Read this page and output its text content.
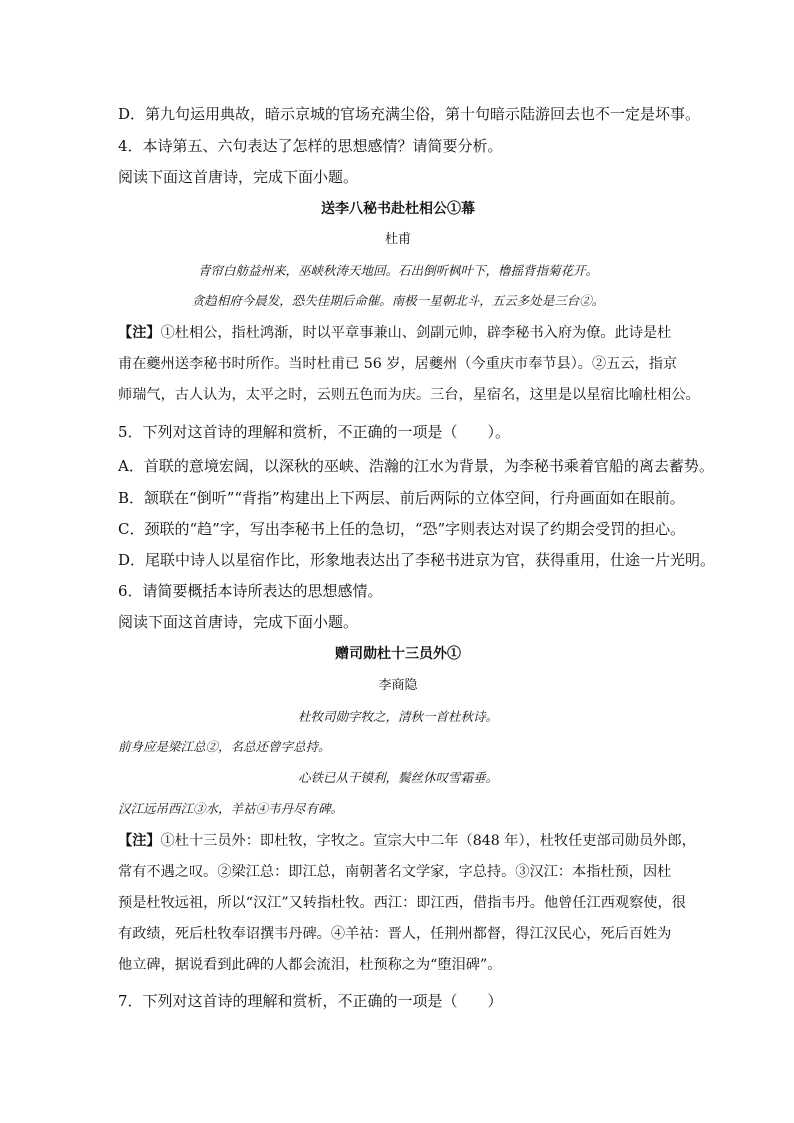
D．第九句运用典故，暗示京城的官场充满尘俗，第十句暗示陆游回去也不一定是坏事。
4．本诗第五、六句表达了怎样的思想感情？请简要分析。
阅读下面这首唐诗，完成下面小题。
送李八秘书赴杜相公①幕
杜甫
青帘白舫益州来，巫峡秋涛天地回。石出倒听枫叶下，橹摇背指菊花开。
贪趋相府今晨发，恐失佳期后命催。南极一星朝北斗，五云多处是三台②。
【注】①杜相公，指杜鸿渐，时以平章事兼山、剑副元帅，辟李秘书入府为僚。此诗是杜
甫在夔州送李秘书时所作。当时杜甫已 56 岁，居夔州（今重庆市奉节县）。②五云，指京
师瑞气，古人认为，太平之时，云则五色而为庆。三台，星宿名，这里是以星宿比喻杜相公。
5．下列对这首诗的理解和赏析，不正确的一项是（　　）。
A．首联的意境宏阔，以深秋的巫峡、浩瀚的江水为背景，为李秘书乘着官船的离去蓄势。
B．颔联在“倒听”“背指”构建出上下两层、前后两际的立体空间，行舟画面如在眼前。
C．颈联的“趋”字，写出李秘书上任的急切，“恐”字则表达对误了约期会受罚的担心。
D．尾联中诗人以星宿作比，形象地表达出了李秘书进京为官，获得重用，仕途一片光明。
6．请简要概括本诗所表达的思想感情。
阅读下面这首唐诗，完成下面小题。
赠司勋杜十三员外①
李商隐
杜牧司勋字牧之，清秋一首杜秋诗。
前身应是梁江总②，名总还曾字总持。
心铁已从干镆利，鬓丝休叹雪霜垂。
汉江远吊西江③水，羊祜④韦丹尽有碑。
【注】①杜十三员外：即杜牧，字牧之。宣宗大中二年（848 年），杜牧任吏部司勋员外郎，
常有不遇之叹。②梁江总：即江总，南朝著名文学家，字总持。③汉江：本指杜预，因杜
预是杜牧远祖，所以“汉江”又转指杜牧。西江：即江西，借指韦丹。他曾任江西观察使，很
有政绩，死后杜牧奉诏撰韦丹碑。④羊祜：晋人，任荆州都督，得江汉民心，死后百姓为
他立碑，据说看到此碑的人都会流泪，杜预称之为“堕泪碑”。
7．下列对这首诗的理解和赏析，不正确的一项是（　　）
